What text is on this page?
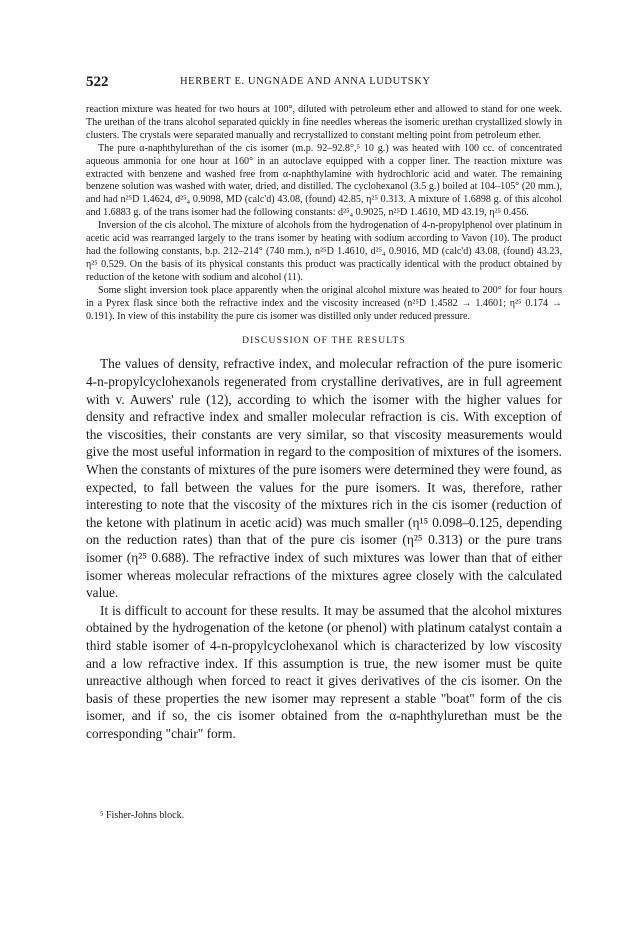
522	HERBERT E. UNGNADE AND ANNA LUDUTSKY

reaction mixture was heated for two hours at 100°, diluted with petroleum ether and allowed to stand for one week. The urethan of the trans alcohol separated quickly in fine needles whereas the isomeric urethan crystallized slowly in clusters. The crystals were separated manually and recrystallized to constant melting point from petroleum ether.

The pure α-naphthylurethan of the cis isomer (m.p. 92–92.8°,⁵ 10 g.) was heated with 100 cc. of concentrated aqueous ammonia for one hour at 160° in an autoclave equipped with a copper liner. The reaction mixture was extracted with benzene and washed free from α-naphthylamine with hydrochloric acid and water. The remaining benzene solution was washed with water, dried, and distilled. The cyclohexanol (3.5 g.) boiled at 104–105° (20 mm.), and had n²⁵D 1.4624, d²⁵₄ 0.9098, MD (calc'd) 43.08, (found) 42.85, η²⁵ 0.313. A mixture of 1.6898 g. of this alcohol and 1.6883 g. of the trans isomer had the following constants: d²⁵₄ 0.9025, n²⁵D 1.4610, MD 43.19, η²⁵ 0.456.

Inversion of the cis alcohol. The mixture of alcohols from the hydrogenation of 4-n-propylphenol over platinum in acetic acid was rearranged largely to the trans isomer by heating with sodium according to Vavon (10). The product had the following constants, b.p. 212–214° (740 mm.), n²⁵D 1.4610, d²⁵₄ 0.9016, MD (calc'd) 43.08, (found) 43.23, η²⁵ 0.529. On the basis of its physical constants this product was practically identical with the product obtained by reduction of the ketone with sodium and alcohol (11).

Some slight inversion took place apparently when the original alcohol mixture was heated to 200° for four hours in a Pyrex flask since both the refractive index and the viscosity increased (n²⁵D 1.4582 → 1.4601; η²⁵ 0.174 → 0.191). In view of this instability the pure cis isomer was distilled only under reduced pressure.

DISCUSSION OF THE RESULTS

The values of density, refractive index, and molecular refraction of the pure isomeric 4-n-propylcyclohexanols regenerated from crystalline derivatives, are in full agreement with v. Auwers' rule (12), according to which the isomer with the higher values for density and refractive index and smaller molecular refraction is cis. With exception of the viscosities, their constants are very similar, so that viscosity measurements would give the most useful information in regard to the composition of mixtures of the isomers. When the constants of mixtures of the pure isomers were determined they were found, as expected, to fall between the values for the pure isomers. It was, therefore, rather interesting to note that the viscosity of the mixtures rich in the cis isomer (reduction of the ketone with platinum in acetic acid) was much smaller (η¹⁵ 0.098–0.125, depending on the reduction rates) than that of the pure cis isomer (η²⁵ 0.313) or the pure trans isomer (η²⁵ 0.688). The refractive index of such mixtures was lower than that of either isomer whereas molecular refractions of the mixtures agree closely with the calculated value.

It is difficult to account for these results. It may be assumed that the alcohol mixtures obtained by the hydrogenation of the ketone (or phenol) with platinum catalyst contain a third stable isomer of 4-n-propylcyclohexanol which is characterized by low viscosity and a low refractive index. If this assumption is true, the new isomer must be quite unreactive although when forced to react it gives derivatives of the cis isomer. On the basis of these properties the new isomer may represent a stable "boat" form of the cis isomer, and if so, the cis isomer obtained from the α-naphthylurethan must be the corresponding "chair" form.

⁵ Fisher-Johns block.
